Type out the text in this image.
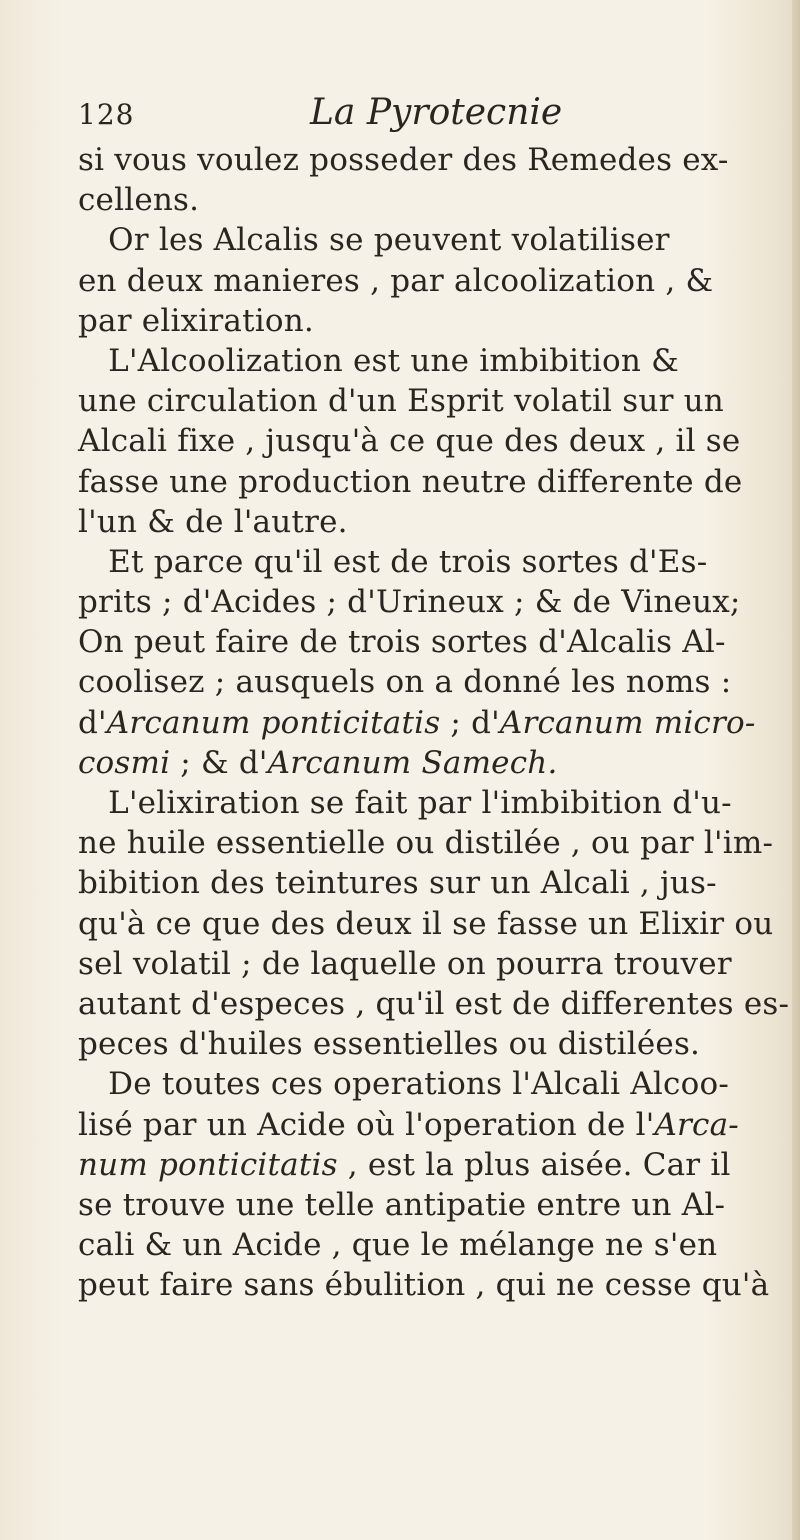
128	La Pyrotecnie
si vous voulez posseder des Remedes ex-
cellens.
Or les Alcalis se peuvent volatiliser
en deux manieres , par alcoolization , &
par elixiration.
L'Alcoolization est une imbibition &
une circulation d'un Esprit volatil sur un
Alcali fixe , jusqu'à ce que des deux , il se
fasse une production neutre differente de
l'un & de l'autre.
Et parce qu'il est de trois sortes d'Es-
prits ; d'Acides ; d'Urineux ; & de Vineux;
On peut faire de trois sortes d'Alcalis Al-
coolisez ; ausquels on a donné les noms :
d'Arcanum ponticitatis ; d'Arcanum micro-
cosmi ; & d'Arcanum Samech.
L'elixiration se fait par l'imbibition d'u-
ne huile essentielle ou distilée , ou par l'im-
bibition des teintures sur un Alcali , jus-
qu'à ce que des deux il se fasse un Elixir ou
sel volatil ; de laquelle on pourra trouver
autant d'especes , qu'il est de differentes es-
peces d'huiles essentielles ou distilées.
De toutes ces operations l'Alcali Alcoo-
lisé par un Acide où l'operation de l'Arca-
num ponticitatis , est la plus aisée. Car il
se trouve une telle antipatie entre un Al-
cali & un Acide , que le mélange ne s'en
peut faire sans ébulition , qui ne cesse qu'à
